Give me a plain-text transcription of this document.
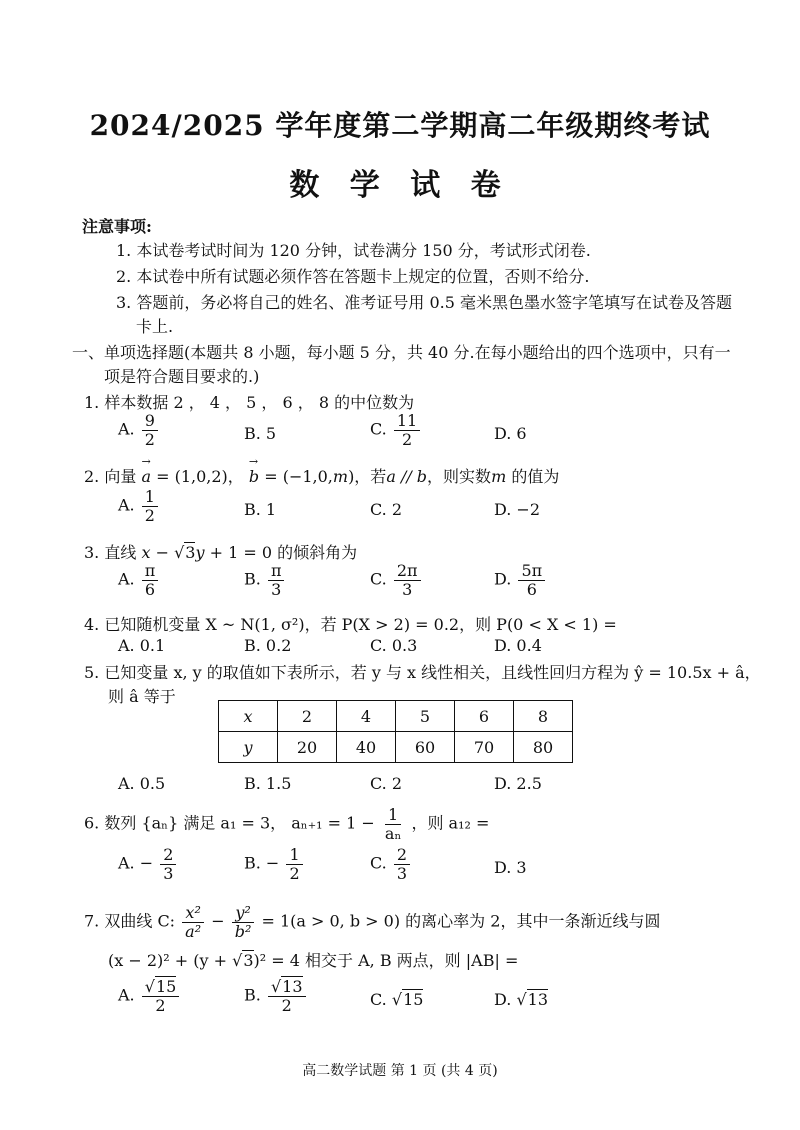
2024/2025 学年度第二学期高二年级期终考试
数 学 试 卷
注意事项:
1. 本试卷考试时间为 120 分钟，试卷满分 150 分，考试形式闭卷.
2. 本试卷中所有试题必须作答在答题卡上规定的位置，否则不给分.
3. 答题前，务必将自己的姓名、准考证号用 0.5 毫米黑色墨水签字笔填写在试卷及答题
卡上.
一、单项选择题(本题共 8 小题，每小题 5 分，共 40 分.在每小题给出的四个选项中，只有一
项是符合题目要求的.)
1. 样本数据 2 ， 4 ， 5 ， 6 ， 8 的中位数为
A. $\frac{9}{2}$	B. 5	C. $\frac{11}{2}$	D. 6
2. 向量 → a = (1,0,2)， → b = (−1,0,m)，若a // b，则实数m 的值为
A. $\frac{1}{2}$	B. 1	C. 2	D. −2
3. 直线 x − √3y + 1 = 0 的倾斜角为
A. $\frac{\pi}{6}$	B. $\frac{\pi}{3}$	C. $\frac{2\pi}{3}$	D. $\frac{5\pi}{6}$
4. 已知随机变量 X ~ N(1, σ²)，若 P(X > 2) = 0.2，则 P(0 < X < 1) =
A. 0.1	B. 0.2	C. 0.3	D. 0.4
5. 已知变量 x, y 的取值如下表所示，若 y 与 x 线性相关，且线性回归方程为 ŷ = 10.5x + â，
则 â 等于
x	2	4	5	6	8
y	20	40	60	70	80
A. 0.5	B. 1.5	C. 2	D. 2.5
6. 数列 {aₙ} 满足 a₁ = 3， $a_{n+1} = 1 - \frac{1}{\text{aₙ}}$ ，则 a₁₂ =
A. − $\frac{2}{3}$	B. − $\frac{1}{2}$	C. $\frac{2}{3}$	D. 3
7. 双曲线 C: $\frac{\text{x²}}{\text{a²}} - \frac{\text{y²}}{\text{b²}} = 1(a > 0$, b > 0) 的离心率为 2，其中一条渐近线与圆
(x − 2)² + (y + √3)² = 4 相交于 A, B 两点，则 |AB| =
A. $\frac{√15}{2}$	B. $\frac{√13}{2}$	C. √15	D. √13
高二数学试题 第 1 页 (共 4 页)
